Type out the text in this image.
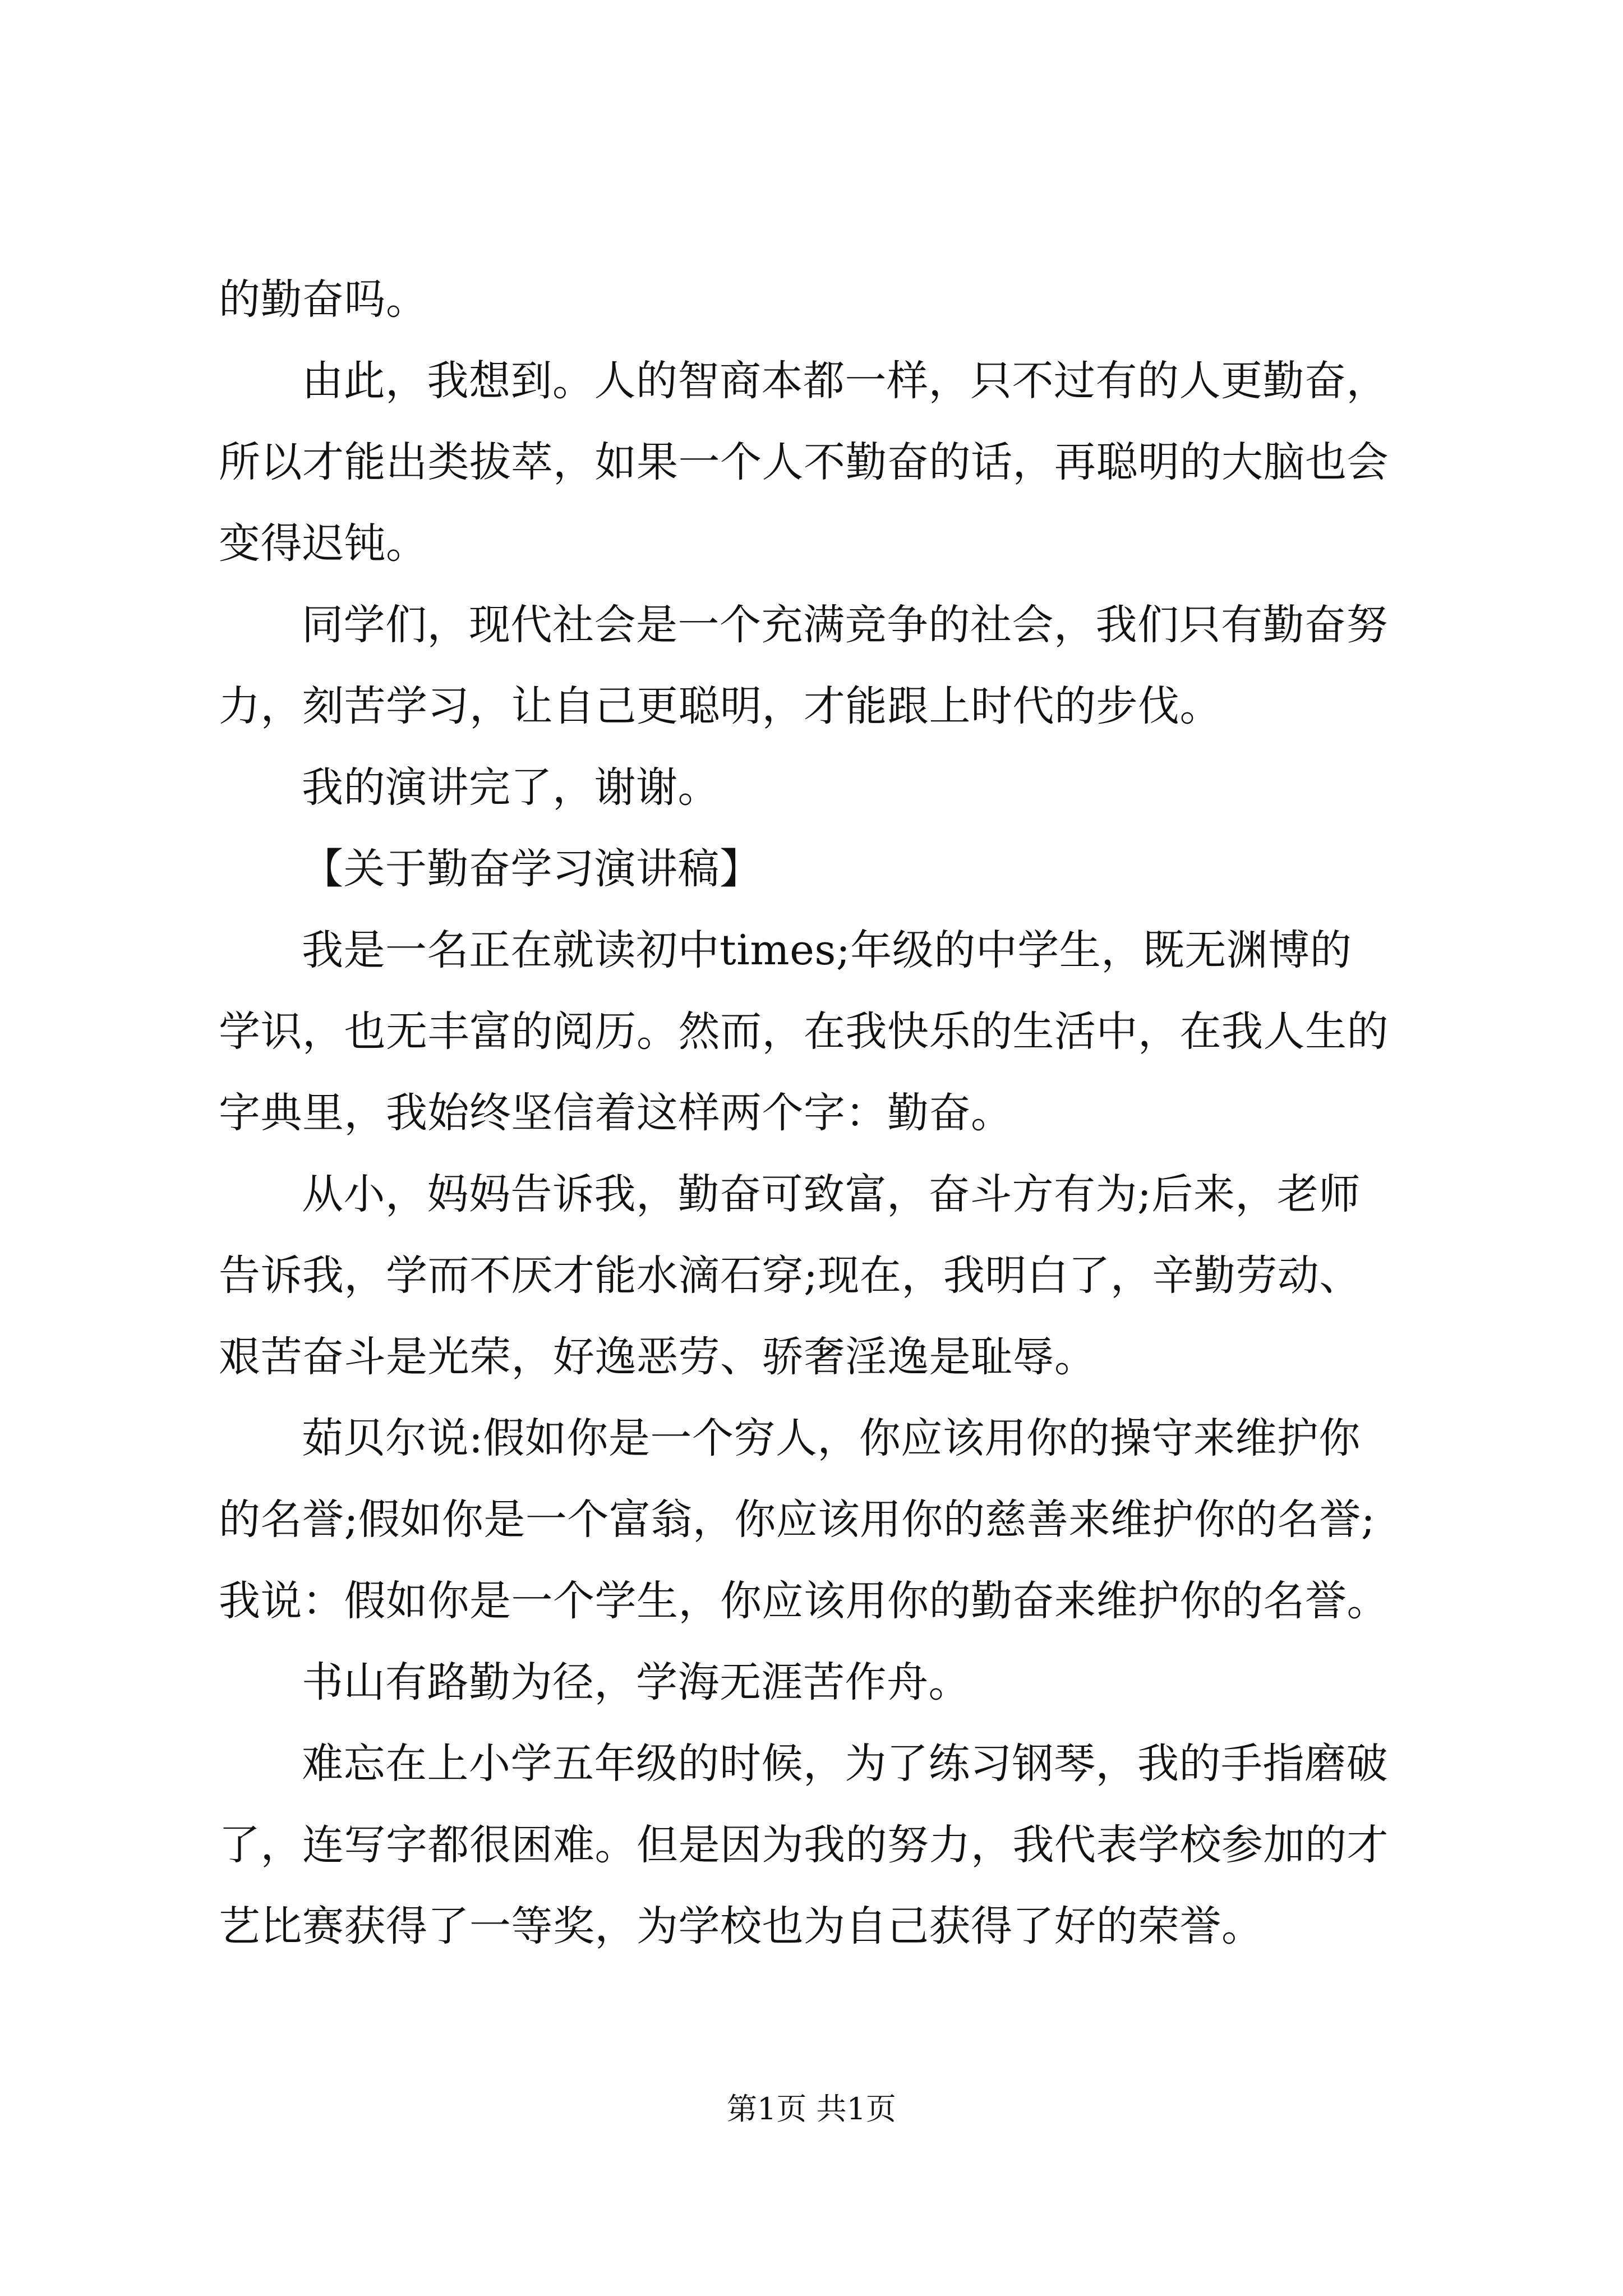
的勤奋吗。
由此，我想到。人的智商本都一样，只不过有的人更勤奋，
所以才能出类拔萃，如果一个人不勤奋的话，再聪明的大脑也会
变得迟钝。
同学们，现代社会是一个充满竞争的社会，我们只有勤奋努
力，刻苦学习，让自己更聪明，才能跟上时代的步伐。
我的演讲完了，谢谢。
【关于勤奋学习演讲稿】
我是一名正在就读初中times;年级的中学生，既无渊博的
学识，也无丰富的阅历。然而，在我快乐的生活中，在我人生的
字典里，我始终坚信着这样两个字：勤奋。
从小，妈妈告诉我，勤奋可致富，奋斗方有为;后来，老师
告诉我，学而不厌才能水滴石穿;现在，我明白了，辛勤劳动、
艰苦奋斗是光荣，好逸恶劳、骄奢淫逸是耻辱。
茹贝尔说:假如你是一个穷人，你应该用你的操守来维护你
的名誉;假如你是一个富翁，你应该用你的慈善来维护你的名誉;
我说：假如你是一个学生，你应该用你的勤奋来维护你的名誉。
书山有路勤为径，学海无涯苦作舟。
难忘在上小学五年级的时候，为了练习钢琴，我的手指磨破
了，连写字都很困难。但是因为我的努力，我代表学校参加的才
艺比赛获得了一等奖，为学校也为自己获得了好的荣誉。
第1页 共1页
